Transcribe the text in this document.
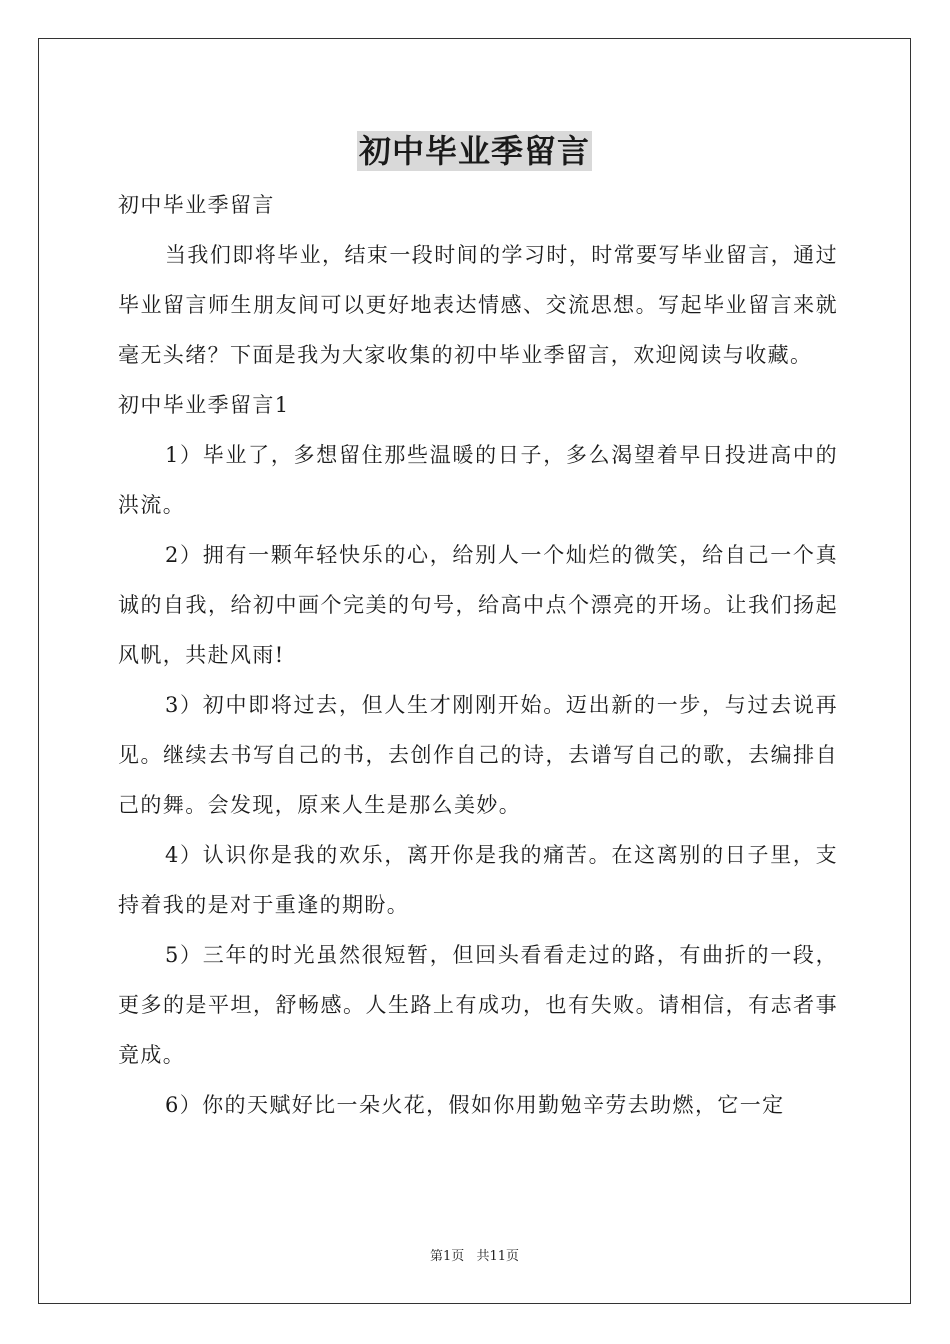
初中毕业季留言

初中毕业季留言

当我们即将毕业，结束一段时间的学习时，时常要写毕业留言，通过毕业留言师生朋友间可以更好地表达情感、交流思想。写起毕业留言来就毫无头绪？下面是我为大家收集的初中毕业季留言，欢迎阅读与收藏。

初中毕业季留言1

1）毕业了，多想留住那些温暖的日子，多么渴望着早日投进高中的洪流。

2）拥有一颗年轻快乐的心，给别人一个灿烂的微笑，给自己一个真诚的自我，给初中画个完美的句号，给高中点个漂亮的开场。让我们扬起风帆，共赴风雨!

3）初中即将过去，但人生才刚刚开始。迈出新的一步，与过去说再见。继续去书写自己的书，去创作自己的诗，去谱写自己的歌，去编排自己的舞。会发现，原来人生是那么美妙。

4）认识你是我的欢乐，离开你是我的痛苦。在这离别的日子里，支持着我的是对于重逢的期盼。

5）三年的时光虽然很短暂，但回头看看走过的路，有曲折的一段，更多的是平坦，舒畅感。人生路上有成功，也有失败。请相信，有志者事竟成。

6）你的天赋好比一朵火花，假如你用勤勉辛劳去助燃，它一定

第1页 共11页
